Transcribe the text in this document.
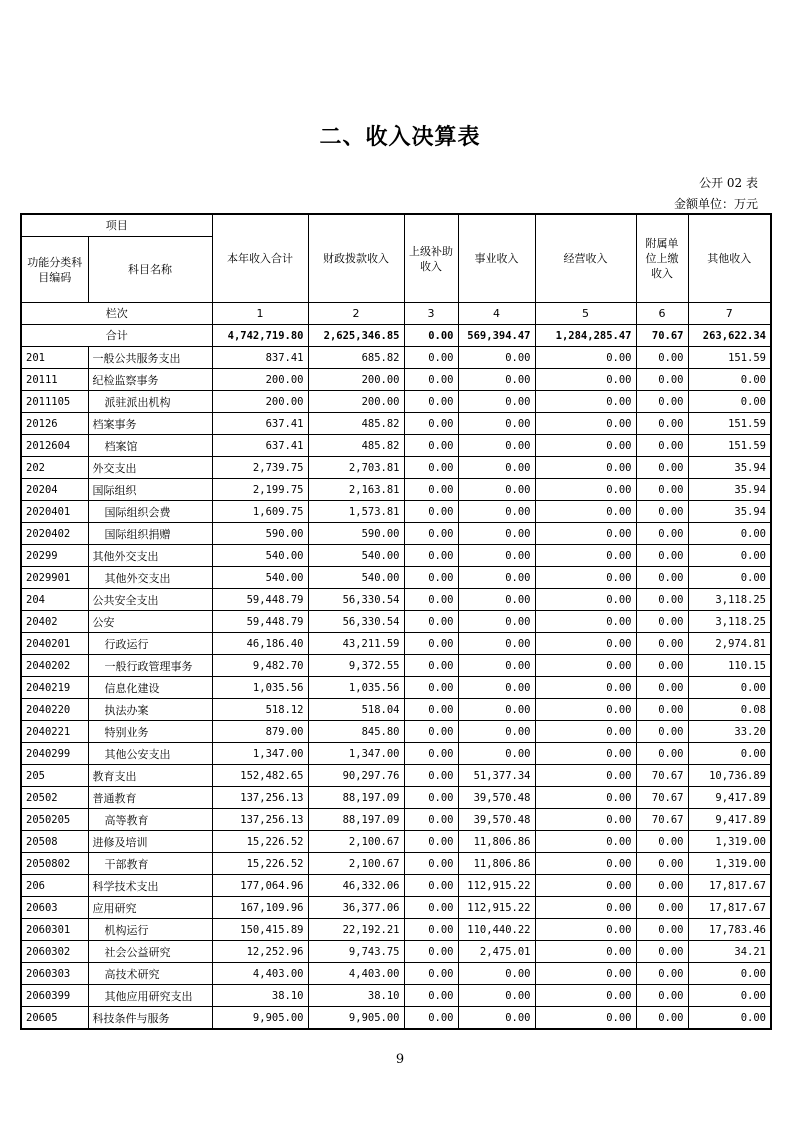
二、收入决算表
公开 02 表
金额单位：万元
项目		本年收入合计	财政拨款收入	上级补助收入	事业收入	经营收入	附属单位上缴收入	其他收入
功能分类科目编码	科目名称							
栏次		1	2	3	4	5	6	7
合计		4,742,719.80	2,625,346.85	0.00	569,394.47	1,284,285.47	70.67	263,622.34
201	一般公共服务支出	837.41	685.82	0.00	0.00	0.00	0.00	151.59
20111	纪检监察事务	200.00	200.00	0.00	0.00	0.00	0.00	0.00
2011105	派驻派出机构	200.00	200.00	0.00	0.00	0.00	0.00	0.00
20126	档案事务	637.41	485.82	0.00	0.00	0.00	0.00	151.59
2012604	档案馆	637.41	485.82	0.00	0.00	0.00	0.00	151.59
202	外交支出	2,739.75	2,703.81	0.00	0.00	0.00	0.00	35.94
20204	国际组织	2,199.75	2,163.81	0.00	0.00	0.00	0.00	35.94
2020401	国际组织会费	1,609.75	1,573.81	0.00	0.00	0.00	0.00	35.94
2020402	国际组织捐赠	590.00	590.00	0.00	0.00	0.00	0.00	0.00
20299	其他外交支出	540.00	540.00	0.00	0.00	0.00	0.00	0.00
2029901	其他外交支出	540.00	540.00	0.00	0.00	0.00	0.00	0.00
204	公共安全支出	59,448.79	56,330.54	0.00	0.00	0.00	0.00	3,118.25
20402	公安	59,448.79	56,330.54	0.00	0.00	0.00	0.00	3,118.25
2040201	行政运行	46,186.40	43,211.59	0.00	0.00	0.00	0.00	2,974.81
2040202	一般行政管理事务	9,482.70	9,372.55	0.00	0.00	0.00	0.00	110.15
2040219	信息化建设	1,035.56	1,035.56	0.00	0.00	0.00	0.00	0.00
2040220	执法办案	518.12	518.04	0.00	0.00	0.00	0.00	0.08
2040221	特别业务	879.00	845.80	0.00	0.00	0.00	0.00	33.20
2040299	其他公安支出	1,347.00	1,347.00	0.00	0.00	0.00	0.00	0.00
205	教育支出	152,482.65	90,297.76	0.00	51,377.34	0.00	70.67	10,736.89
20502	普通教育	137,256.13	88,197.09	0.00	39,570.48	0.00	70.67	9,417.89
2050205	高等教育	137,256.13	88,197.09	0.00	39,570.48	0.00	70.67	9,417.89
20508	进修及培训	15,226.52	2,100.67	0.00	11,806.86	0.00	0.00	1,319.00
2050802	干部教育	15,226.52	2,100.67	0.00	11,806.86	0.00	0.00	1,319.00
206	科学技术支出	177,064.96	46,332.06	0.00	112,915.22	0.00	0.00	17,817.67
20603	应用研究	167,109.96	36,377.06	0.00	112,915.22	0.00	0.00	17,817.67
2060301	机构运行	150,415.89	22,192.21	0.00	110,440.22	0.00	0.00	17,783.46
2060302	社会公益研究	12,252.96	9,743.75	0.00	2,475.01	0.00	0.00	34.21
2060303	高技术研究	4,403.00	4,403.00	0.00	0.00	0.00	0.00	0.00
2060399	其他应用研究支出	38.10	38.10	0.00	0.00	0.00	0.00	0.00
20605	科技条件与服务	9,905.00	9,905.00	0.00	0.00	0.00	0.00	0.00
9
